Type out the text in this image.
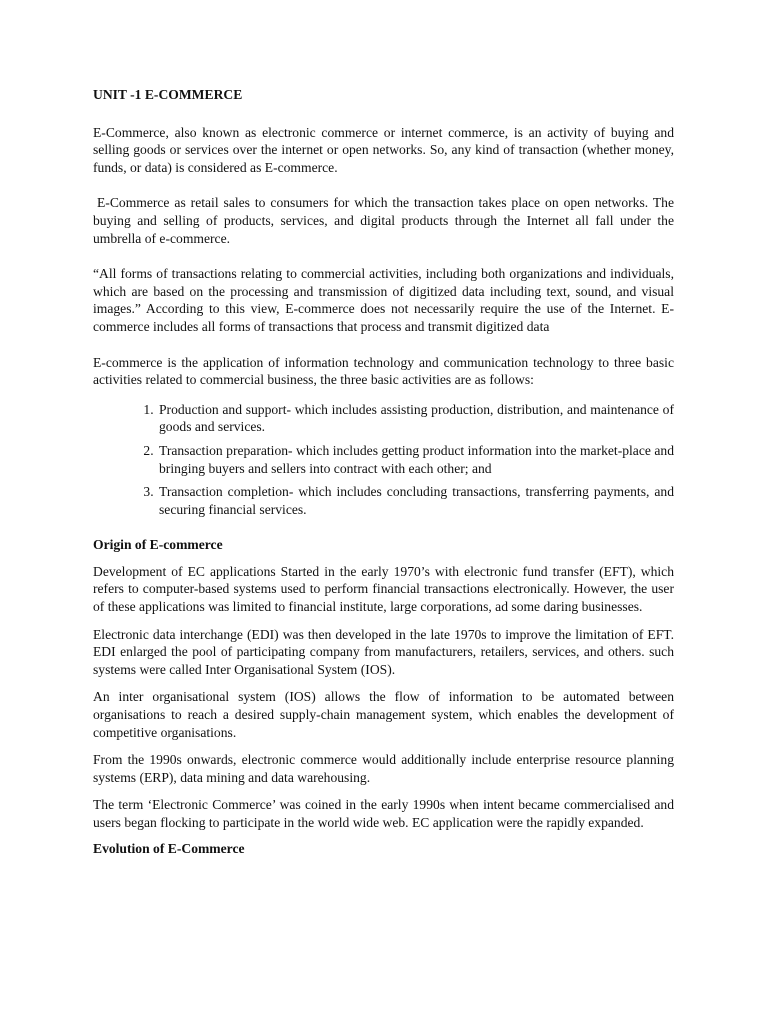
UNIT -1 E-COMMERCE

E-Commerce, also known as electronic commerce or internet commerce, is an activity of buying and selling goods or services over the internet or open networks. So, any kind of transaction (whether money, funds, or data) is considered as E-commerce.

E-Commerce as retail sales to consumers for which the transaction takes place on open networks. The buying and selling of products, services, and digital products through the Internet all fall under the umbrella of e-commerce.

“All forms of transactions relating to commercial activities, including both organizations and individuals, which are based on the processing and transmission of digitized data including text, sound, and visual images.” According to this view, E-commerce does not necessarily require the use of the Internet. E-commerce includes all forms of transactions that process and transmit digitized data

E-commerce is the application of information technology and communication technology to three basic activities related to commercial business, the three basic activities are as follows:

1. Production and support- which includes assisting production, distribution, and maintenance of goods and services.
2. Transaction preparation- which includes getting product information into the market-place and bringing buyers and sellers into contract with each other; and
3. Transaction completion- which includes concluding transactions, transferring payments, and securing financial services.
Origin of E-commerce

Development of EC applications Started in the early 1970’s with electronic fund transfer (EFT), which refers to computer-based systems used to perform financial transactions electronically. However, the user of these applications was limited to financial institute, large corporations, ad some daring businesses.

Electronic data interchange (EDI) was then developed in the late 1970s to improve the limitation of EFT. EDI enlarged the pool of participating company from manufacturers, retailers, services, and others. such systems were called Inter Organisational System (IOS).

An inter organisational system (IOS) allows the flow of information to be automated between organisations to reach a desired supply-chain management system, which enables the development of competitive organisations.

From the 1990s onwards, electronic commerce would additionally include enterprise resource planning systems (ERP), data mining and data warehousing.

The term ‘Electronic Commerce’ was coined in the early 1990s when intent became commercialised and users began flocking to participate in the world wide web. EC application were the rapidly expanded.

Evolution of E-Commerce
